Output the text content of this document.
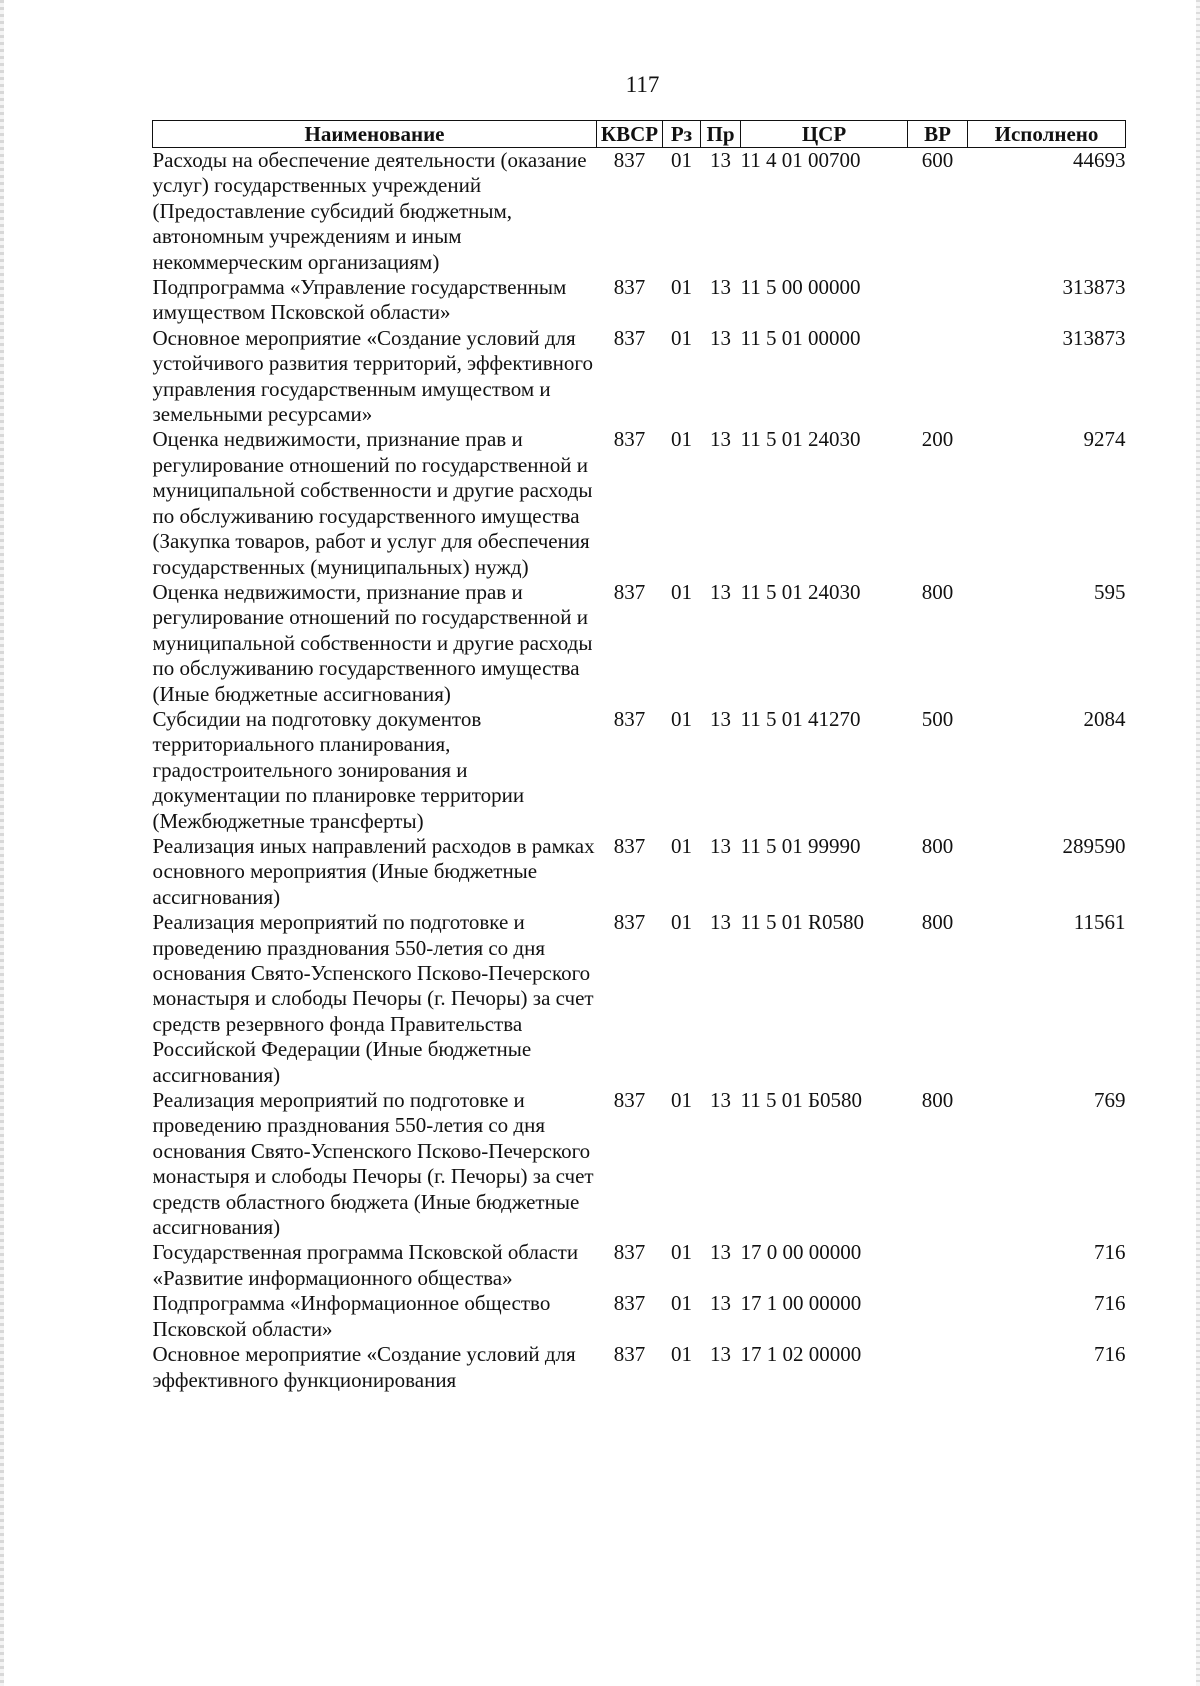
117
Наименование	КВСР	Рз	Пр	ЦСР	ВР	Исполнено
Расходы на обеспечение деятельности (оказание услуг) государственных учреждений (Предоставление субсидий бюджетным, автономным учреждениям и иным некоммерческим организациям)	837	01	13	11 4 01 00700	600	44693
Подпрограмма «Управление государственным имуществом Псковской области»	837	01	13	11 5 00 00000		313873
Основное мероприятие «Создание условий для устойчивого развития территорий, эффективного управления государственным имуществом и земельными ресурсами»	837	01	13	11 5 01 00000		313873
Оценка недвижимости, признание прав и регулирование отношений по государственной и муниципальной собственности и другие расходы по обслуживанию государственного имущества (Закупка товаров, работ и услуг для обеспечения государственных (муниципальных) нужд)	837	01	13	11 5 01 24030	200	9274
Оценка недвижимости, признание прав и регулирование отношений по государственной и муниципальной собственности и другие расходы по обслуживанию государственного имущества (Иные бюджетные ассигнования)	837	01	13	11 5 01 24030	800	595
Субсидии на подготовку документов территориального планирования, градостроительного зонирования и документации по планировке территории (Межбюджетные трансферты)	837	01	13	11 5 01 41270	500	2084
Реализация иных направлений расходов в рамках основного мероприятия (Иные бюджетные ассигнования)	837	01	13	11 5 01 99990	800	289590
Реализация мероприятий по подготовке и проведению празднования 550-летия со дня основания Свято-Успенского Псково-Печерского монастыря и слободы Печоры (г. Печоры) за счет средств резервного фонда Правительства Российской Федерации (Иные бюджетные ассигнования)	837	01	13	11 5 01 R0580	800	11561
Реализация мероприятий по подготовке и проведению празднования 550-летия со дня основания Свято-Успенского Псково-Печерского монастыря и слободы Печоры (г. Печоры) за счет средств областного бюджета (Иные бюджетные ассигнования)	837	01	13	11 5 01 Б0580	800	769
Государственная программа Псковской области «Развитие информационного общества»	837	01	13	17 0 00 00000		716
Подпрограмма «Информационное общество Псковской области»	837	01	13	17 1 00 00000		716
Основное мероприятие «Создание условий для эффективного функционирования	837	01	13	17 1 02 00000		716
